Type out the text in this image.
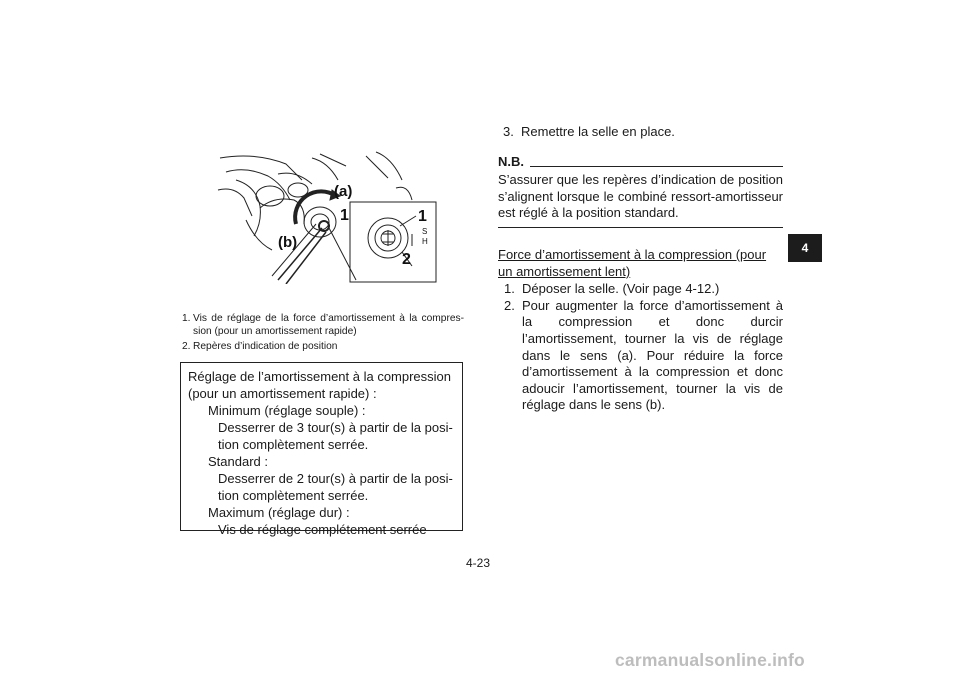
4
(a)
(b)
1	1
2
S
H
1. Vis de réglage de la force d’amortissement à la compres-sion (pour un amortissement rapide)
2. Repères d’indication de position
Réglage de l’amortissement à la compression
(pour un amortissement rapide) :
Minimum (réglage souple) :
Desserrer de 3 tour(s) à partir de la posi-
tion complètement serrée.
Standard :
Desserrer de 2 tour(s) à partir de la posi-
tion complètement serrée.
Maximum (réglage dur) :
Vis de réglage complétement serrée
3. Remettre la selle en place.
N.B.
S’assurer que les repères d’indication de position s’alignent lorsque le combiné ressort-amortisseur est réglé à la position standard.
Force d’amortissement à la compression (pour un amortissement lent)
1. Déposer la selle. (Voir page 4-12.)
2. Pour augmenter la force d’amortissement à la compression et donc durcir l’amortissement, tourner la vis de réglage dans le sens (a). Pour réduire la force d’amortissement à la compression et donc adoucir l’amortissement, tourner la vis de réglage dans le sens (b).
4-23
carmanualsonline.info
